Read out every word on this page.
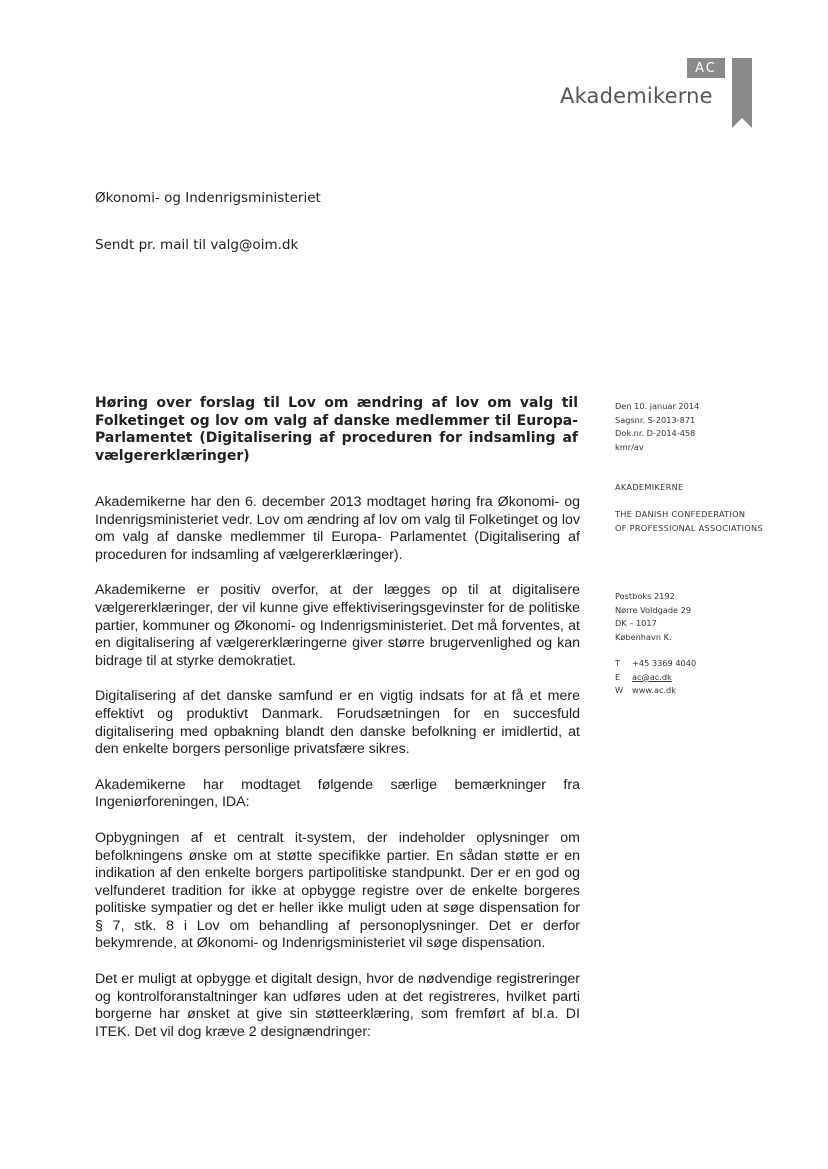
AC
Akademikerne
Økonomi- og Indenrigsministeriet
Sendt pr. mail til valg@oim.dk
Høring over forslag til Lov om ændring af lov om valg til Folketinget og lov om valg af danske medlemmer til Europa-Parlamentet (Digitalisering af proceduren for indsamling af vælgererklæringer)
Den 10. januar 2014
Sagsnr. S-2013-871
Dok.nr. D-2014-458
kmr/av
AKADEMIKERNE
THE DANISH CONFEDERATION
OF PROFESSIONAL ASSOCIATIONS
Postboks 2192
Nørre Voldgade 29
DK – 1017
København K.
T +45 3369 4040
E ac@ac.dk
W www.ac.dk

Akademikerne har den 6. december 2013 modtaget høring fra Økonomi- og Indenrigsministeriet vedr. Lov om ændring af lov om valg til Folketinget og lov om valg af danske medlemmer til Europa- Parlamentet (Digitalisering af proceduren for indsamling af vælgererklæringer).

Akademikerne er positiv overfor, at der lægges op til at digitalisere vælgererklæringer, der vil kunne give effektiviseringsgevinster for de politiske partier, kommuner og Økonomi- og Indenrigsministeriet. Det må forventes, at en digitalisering af vælgererklæringerne giver større brugervenlighed og kan bidrage til at styrke demokratiet.

Digitalisering af det danske samfund er en vigtig indsats for at få et mere effektivt og produktivt Danmark. Forudsætningen for en succesfuld digitalisering med opbakning blandt den danske befolkning er imidlertid, at den enkelte borgers personlige privatsfære sikres.

Akademikerne har modtaget følgende særlige bemærkninger fra Ingeniørforeningen, IDA:

Opbygningen af et centralt it-system, der indeholder oplysninger om befolkningens ønske om at støtte specifikke partier. En sådan støtte er en indikation af den enkelte borgers partipolitiske standpunkt. Der er en god og velfunderet tradition for ikke at opbygge registre over de enkelte borgeres politiske sympatier og det er heller ikke muligt uden at søge dispensation for § 7, stk. 8 i Lov om behandling af personoplysninger. Det er derfor bekymrende, at Økonomi- og Indenrigsministeriet vil søge dispensation.

Det er muligt at opbygge et digitalt design, hvor de nødvendige registreringer og kontrolforanstaltninger kan udføres uden at det registreres, hvilket parti borgerne har ønsket at give sin støtteerklæring, som fremført af bl.a. DI ITEK. Det vil dog kræve 2 designændringer:
